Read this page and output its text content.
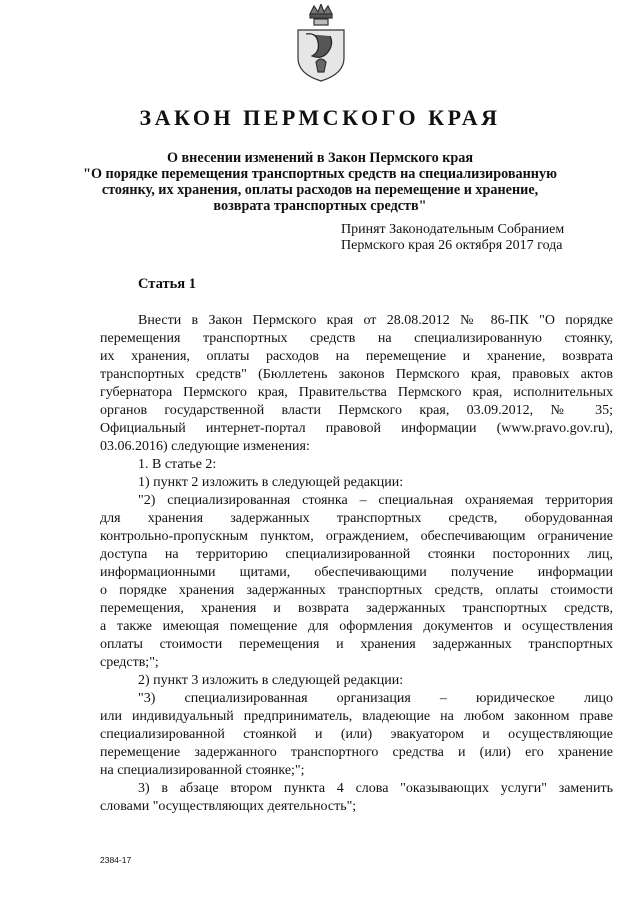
ЗАКОН ПЕРМСКОГО КРАЯ
О внесении изменений в Закон Пермского края
"О порядке перемещения транспортных средств на специализированную
стоянку, их хранения, оплаты расходов на перемещение и хранение,
возврата транспортных средств"
Принят Законодательным Собранием
Пермского края 26 октября 2017 года
Статья 1
Внести в Закон Пермского края от 28.08.2012 № 86-ПК "О порядке
перемещения транспортных средств на специализированную стоянку,
их хранения, оплаты расходов на перемещение и хранение, возврата
транспортных средств" (Бюллетень законов Пермского края, правовых актов
губернатора Пермского края, Правительства Пермского края, исполнительных
органов государственной власти Пермского края, 03.09.2012, № 35;
Официальный интернет-портал правовой информации (www.pravo.gov.ru),
03.06.2016) следующие изменения:
1. В статье 2:
1) пункт 2 изложить в следующей редакции:
"2) специализированная стоянка – специальная охраняемая территория
для хранения задержанных транспортных средств, оборудованная
контрольно-пропускным пунктом, ограждением, обеспечивающим ограничение
доступа на территорию специализированной стоянки посторонних лиц,
информационными щитами, обеспечивающими получение информации
о порядке хранения задержанных транспортных средств, оплаты стоимости
перемещения, хранения и возврата задержанных транспортных средств,
а также имеющая помещение для оформления документов и осуществления
оплаты стоимости перемещения и хранения задержанных транспортных
средств;";
2) пункт 3 изложить в следующей редакции:
"3) специализированная организация – юридическое лицо
или индивидуальный предприниматель, владеющие на любом законном праве
специализированной стоянкой и (или) эвакуатором и осуществляющие
перемещение задержанного транспортного средства и (или) его хранение
на специализированной стоянке;";
3) в абзаце втором пункта 4 слова "оказывающих услуги" заменить
словами "осуществляющих деятельность";
2384-17
